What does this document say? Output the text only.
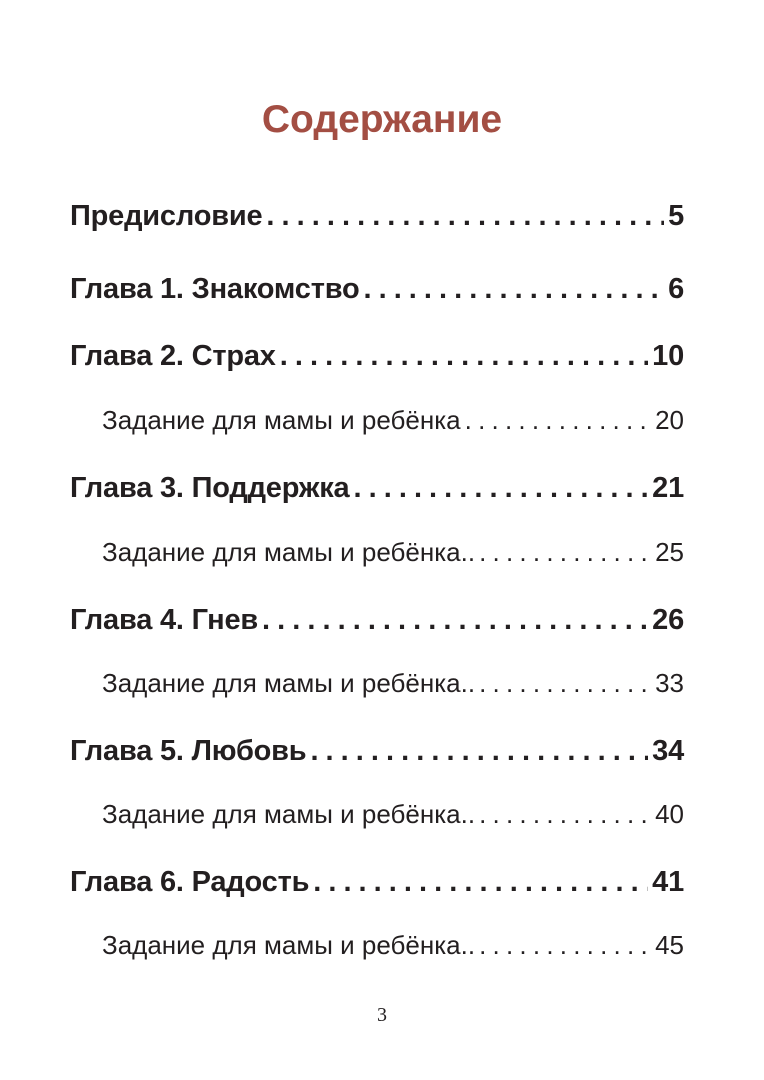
Содержание
Предисловие . . .	5
Глава 1. Знакомство . . .	6
Глава 2. Страх . . .	10
Задание для мамы и ребёнка . . .	20
Глава 3. Поддержка . . .	21
Задание для мамы и ребёнка.. . . .	25
Глава 4. Гнев . . .	26
Задание для мамы и ребёнка.. . . .	33
Глава 5. Любовь . . .	34
Задание для мамы и ребёнка.. . . .	40
Глава 6. Радость . . .	41
Задание для мамы и ребёнка.. . . .	45
3
